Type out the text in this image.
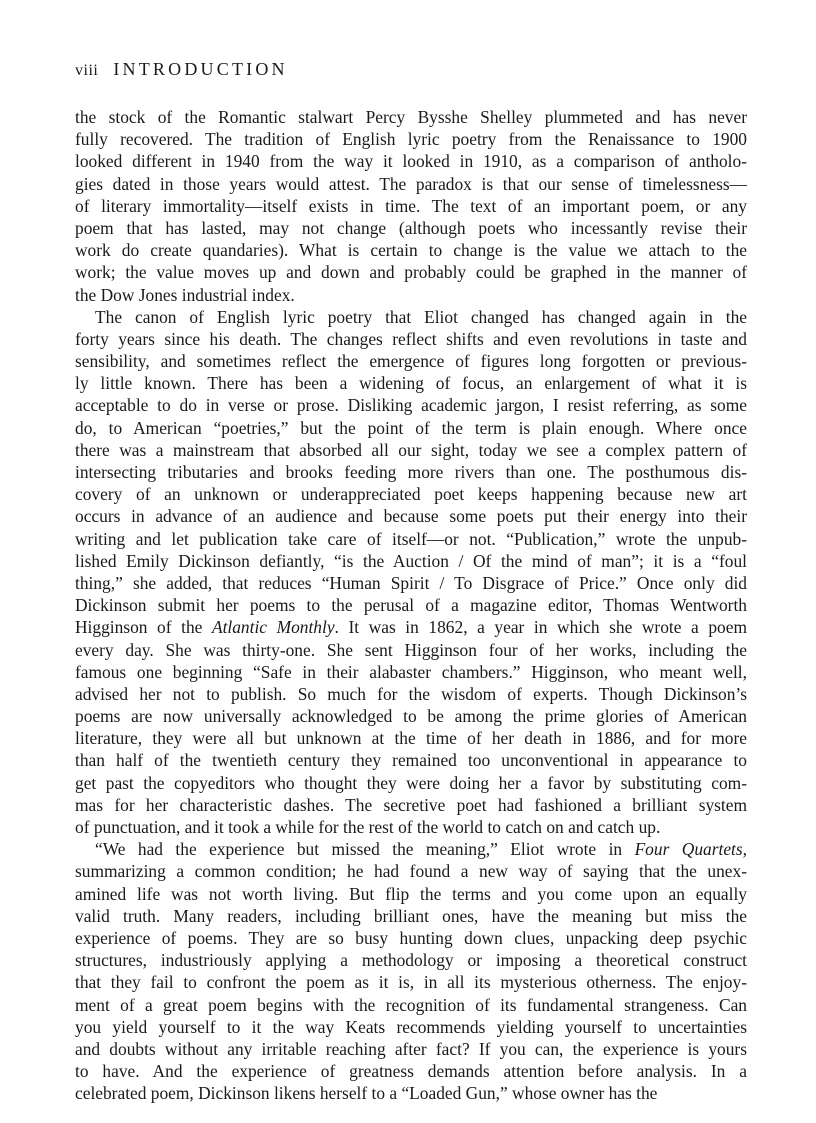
viii INTRODUCTION
the stock of the Romantic stalwart Percy Bysshe Shelley plummeted and has never
fully recovered. The tradition of English lyric poetry from the Renaissance to 1900
looked different in 1940 from the way it looked in 1910, as a comparison of antholo-
gies dated in those years would attest. The paradox is that our sense of timelessness—
of literary immortality—itself exists in time. The text of an important poem, or any
poem that has lasted, may not change (although poets who incessantly revise their
work do create quandaries). What is certain to change is the value we attach to the
work; the value moves up and down and probably could be graphed in the manner of
the Dow Jones industrial index.
The canon of English lyric poetry that Eliot changed has changed again in the
forty years since his death. The changes reflect shifts and even revolutions in taste and
sensibility, and sometimes reflect the emergence of figures long forgotten or previous-
ly little known. There has been a widening of focus, an enlargement of what it is
acceptable to do in verse or prose. Disliking academic jargon, I resist referring, as some
do, to American “poetries,” but the point of the term is plain enough. Where once
there was a mainstream that absorbed all our sight, today we see a complex pattern of
intersecting tributaries and brooks feeding more rivers than one. The posthumous dis-
covery of an unknown or underappreciated poet keeps happening because new art
occurs in advance of an audience and because some poets put their energy into their
writing and let publication take care of itself—or not. “Publication,” wrote the unpub-
lished Emily Dickinson defiantly, “is the Auction / Of the mind of man”; it is a “foul
thing,” she added, that reduces “Human Spirit / To Disgrace of Price.” Once only did
Dickinson submit her poems to the perusal of a magazine editor, Thomas Wentworth
Higginson of the Atlantic Monthly. It was in 1862, a year in which she wrote a poem
every day. She was thirty-one. She sent Higginson four of her works, including the
famous one beginning “Safe in their alabaster chambers.” Higginson, who meant well,
advised her not to publish. So much for the wisdom of experts. Though Dickinson’s
poems are now universally acknowledged to be among the prime glories of American
literature, they were all but unknown at the time of her death in 1886, and for more
than half of the twentieth century they remained too unconventional in appearance to
get past the copyeditors who thought they were doing her a favor by substituting com-
mas for her characteristic dashes. The secretive poet had fashioned a brilliant system
of punctuation, and it took a while for the rest of the world to catch on and catch up.
“We had the experience but missed the meaning,” Eliot wrote in Four Quartets,
summarizing a common condition; he had found a new way of saying that the unex-
amined life was not worth living. But flip the terms and you come upon an equally
valid truth. Many readers, including brilliant ones, have the meaning but miss the
experience of poems. They are so busy hunting down clues, unpacking deep psychic
structures, industriously applying a methodology or imposing a theoretical construct
that they fail to confront the poem as it is, in all its mysterious otherness. The enjoy-
ment of a great poem begins with the recognition of its fundamental strangeness. Can
you yield yourself to it the way Keats recommends yielding yourself to uncertainties
and doubts without any irritable reaching after fact? If you can, the experience is yours
to have. And the experience of greatness demands attention before analysis. In a
celebrated poem, Dickinson likens herself to a “Loaded Gun,” whose owner has the
